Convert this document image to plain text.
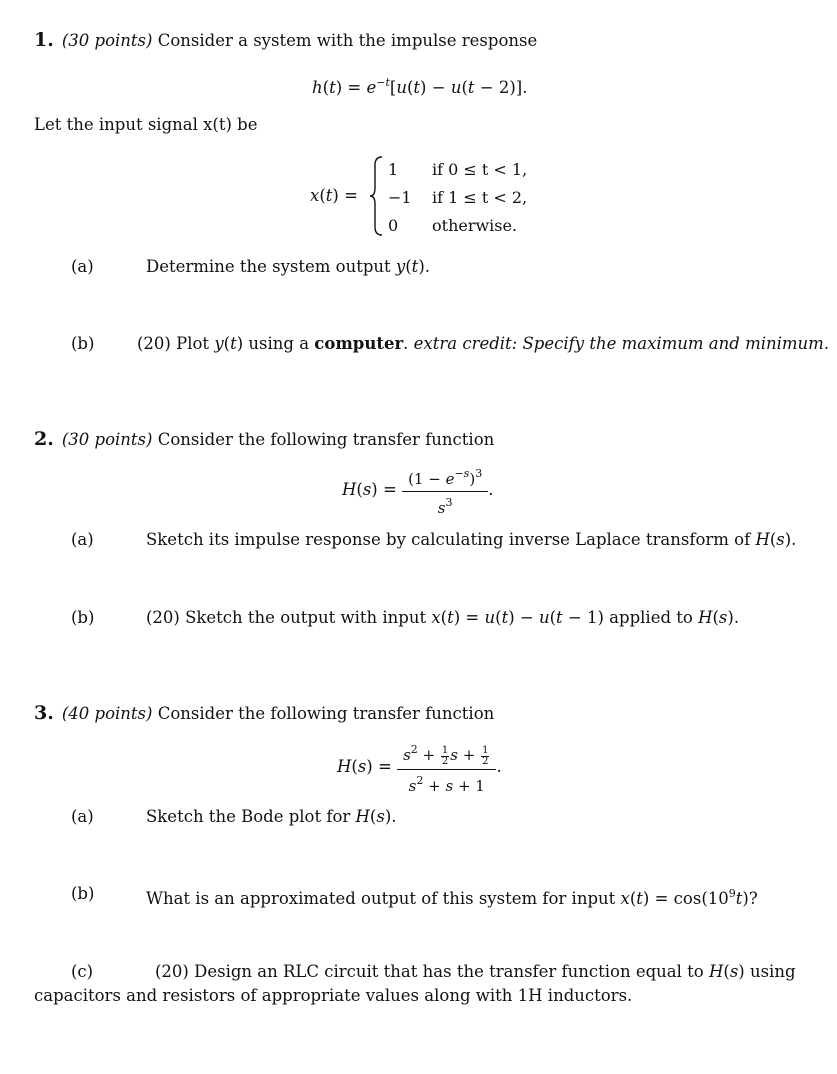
1. (30 points) Consider a system with the impulse response
$h(t) = e^{-t}[u(t) - u(t - 2)]$.
Let the input signal x(t) be
x(t) =
1	if 0 ≤ t < 1,
−1	if 1 ≤ t < 2,
0	otherwise.
(a)	Determine the system output y(t).
(b)	(20) Plot y(t) using a computer. extra credit: Specify the maximum and minimum.
2. (30 points) Consider the following transfer function
$H(s) = \frac{(1 - e^{-s})^3}{s^3}$ .
(a)	Sketch its impulse response by calculating inverse Laplace transform of H(s).
(b)	(20) Sketch the output with input x(t) = u(t) − u(t − 1) applied to H(s).
3. (40 points) Consider the following transfer function
$H(s) = \frac{s^2 + \frac{1}{2} s + \frac{1}{2}}{s^2 + s + 1}$ .
(a)	Sketch the Bode plot for H(s).
(b)	What is an approximated output of this system for input $x(t) = \cos(10^9t)$?
(c)	(20) Design an RLC circuit that has the transfer function equal to H(s) using
capacitors and resistors of appropriate values along with 1H inductors.
